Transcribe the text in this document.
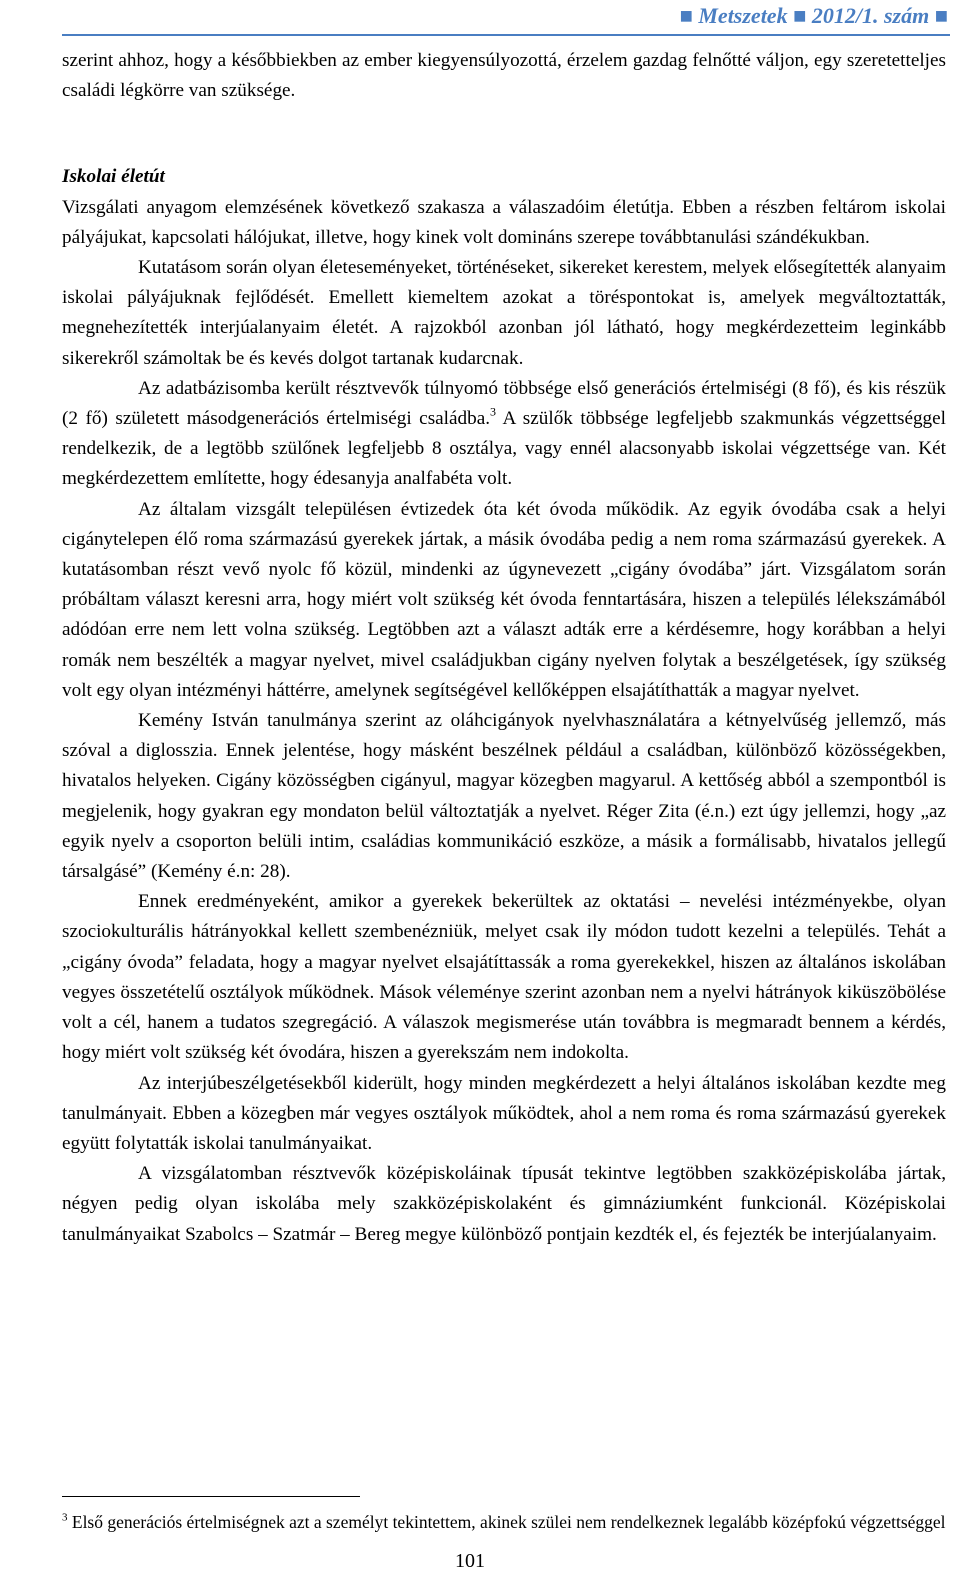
■ Metszetek ■ 2012/1. szám ■

szerint ahhoz, hogy a későbbiekben az ember kiegyensúlyozottá, érzelem gazdag felnőtté váljon, egy szeretetteljes családi légkörre van szüksége.

Iskolai életút

Vizsgálati anyagom elemzésének következő szakasza a válaszadóim életútja. Ebben a részben feltárom iskolai pályájukat, kapcsolati hálójukat, illetve, hogy kinek volt domináns szerepe továbbtanulási szándékukban.

Kutatásom során olyan életeseményeket, történéseket, sikereket kerestem, melyek elősegítették alanyaim iskolai pályájuknak fejlődését. Emellett kiemeltem azokat a töréspontokat is, amelyek megváltoztatták, megnehezítették interjúalanyaim életét. A rajzokból azonban jól látható, hogy megkérdezetteim leginkább sikerekről számoltak be és kevés dolgot tartanak kudarcnak.

Az adatbázisomba került résztvevők túlnyomó többsége első generációs értelmiségi (8 fő), és kis részük (2 fő) született másodgenerációs értelmiségi családba.$^3$ A szülők többsége legfeljebb szakmunkás végzettséggel rendelkezik, de a legtöbb szülőnek legfeljebb 8 osztálya, vagy ennél alacsonyabb iskolai végzettsége van. Két megkérdezettem említette, hogy édesanyja analfabéta volt.

Az általam vizsgált településen évtizedek óta két óvoda működik. Az egyik óvodába csak a helyi cigánytelepen élő roma származású gyerekek jártak, a másik óvodába pedig a nem roma származású gyerekek. A kutatásomban részt vevő nyolc fő közül, mindenki az úgynevezett „cigány óvodába” járt. Vizsgálatom során próbáltam választ keresni arra, hogy miért volt szükség két óvoda fenntartására, hiszen a település lélekszámából adódóan erre nem lett volna szükség. Legtöbben azt a választ adták erre a kérdésemre, hogy korábban a helyi romák nem beszélték a magyar nyelvet, mivel családjukban cigány nyelven folytak a beszélgetések, így szükség volt egy olyan intézményi háttérre, amelynek segítségével kellőképpen elsajátíthatták a magyar nyelvet.

Kemény István tanulmánya szerint az oláhcigányok nyelvhasználatára a kétnyelvűség jellemző, más szóval a diglosszia. Ennek jelentése, hogy másként beszélnek például a családban, különböző közösségekben, hivatalos helyeken. Cigány közösségben cigányul, magyar közegben magyarul. A kettőség abból a szempontból is megjelenik, hogy gyakran egy mondaton belül változtatják a nyelvet. Réger Zita (é.n.) ezt úgy jellemzi, hogy „az egyik nyelv a csoporton belüli intim, családias kommunikáció eszköze, a másik a formálisabb, hivatalos jellegű társalgásé” (Kemény é.n: 28).

Ennek eredményeként, amikor a gyerekek bekerültek az oktatási – nevelési intézményekbe, olyan szociokulturális hátrányokkal kellett szembenézniük, melyet csak ily módon tudott kezelni a település. Tehát a „cigány óvoda” feladata, hogy a magyar nyelvet elsajátíttassák a roma gyerekekkel, hiszen az általános iskolában vegyes összetételű osztályok működnek. Mások véleménye szerint azonban nem a nyelvi hátrányok kiküszöbölése volt a cél, hanem a tudatos szegregáció. A válaszok megismerése után továbbra is megmaradt bennem a kérdés, hogy miért volt szükség két óvodára, hiszen a gyerekszám nem indokolta.

Az interjúbeszélgetésekből kiderült, hogy minden megkérdezett a helyi általános iskolában kezdte meg tanulmányait. Ebben a közegben már vegyes osztályok működtek, ahol a nem roma és roma származású gyerekek együtt folytatták iskolai tanulmányaikat.

A vizsgálatomban résztvevők középiskoláinak típusát tekintve legtöbben szakközépiskolába jártak, négyen pedig olyan iskolába mely szakközépiskolaként és gimnáziumként funkcionál. Középiskolai tanulmányaikat Szabolcs – Szatmár – Bereg megye különböző pontjain kezdték el, és fejezték be interjúalanyaim.

$^3$ Első generációs értelmiségnek azt a személyt tekintettem, akinek szülei nem rendelkeznek legalább középfokú végzettséggel
101
